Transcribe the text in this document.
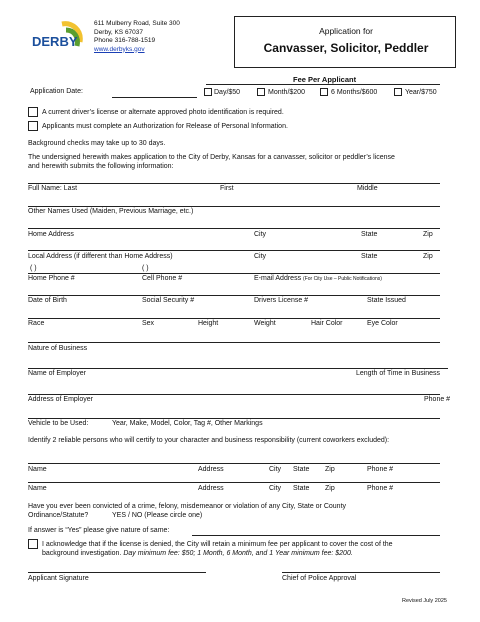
DERBY
611 Mulberry Road, Suite 300
Derby, KS 67037
Phone 316-788-1519
www.derbyks.gov
Application for
Canvasser, Solicitor, Peddler
Fee Per Applicant
Application Date:	Day/$50	Month/$200	6 Months/$600	Year/$750
A current driver’s license or alternate approved photo identification is required.
Applicants must complete an Authorization for Release of Personal Information.
Background checks may take up to 30 days.
The undersigned herewith makes application to the City of Derby, Kansas for a canvasser, solicitor or peddler’s license
and herewith submits the following information:
Full Name: Last	First	Middle
Other Names Used (Maiden, Previous Marriage, etc.)
Home Address	City	State	Zip
Local Address (if different than Home Address)	City	State	Zip
( )	( )
Home Phone #	Cell Phone #	E-mail Address (For City Use – Public Notifications)
Date of Birth	Social Security #	Drivers License #	State Issued
Race	Sex	Height	Weight	Hair Color	Eye Color
Nature of Business
Name of Employer	Length of Time in Business
Address of Employer	Phone #
Vehicle to be Used:	Year, Make, Model, Color, Tag #, Other Markings
Identify 2 reliable persons who will certify to your character and business responsibility (current coworkers excluded):
Name	Address	City State Zip	Phone #
Name	Address	City State Zip	Phone #
Have you ever been convicted of a crime, felony, misdemeanor or violation of any City, State or County
Ordinance/Statute?	YES / NO (Please circle one)
If answer is “Yes” please give nature of same:
I acknowledge that if the license is denied, the City will retain a minimum fee per applicant to cover the cost of the
background investigation. Day minimum fee: $50; 1 Month, 6 Month, and 1 Year minimum fee: $200.
Applicant Signature	Chief of Police Approval
Revised July 2025
